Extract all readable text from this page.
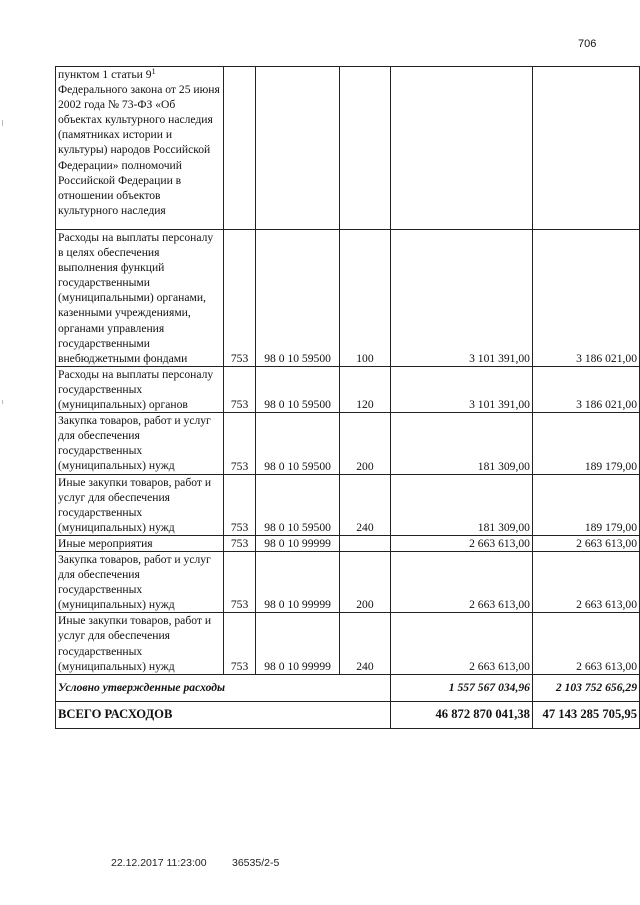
706
пунктом 1 статьи $9^1$ Федерального закона от 25 июня 2002 года № 73-ФЗ «Об объектах культурного наследия (памятниках истории и культуры) народов Российской Федерации» полномочий Российской Федерации в отношении объектов культурного наследия					
Расходы на выплаты персоналу в целях обеспечения выполнения функций государственными (муниципальными) органами, казенными учреждениями, органами управления государственными внебюджетными фондами	753	98 0 10 59500	100	3 101 391,00	3 186 021,00
Расходы на выплаты персоналу государственных (муниципальных) органов	753	98 0 10 59500	120	3 101 391,00	3 186 021,00
Закупка товаров, работ и услуг для обеспечения государственных (муниципальных) нужд	753	98 0 10 59500	200	181 309,00	189 179,00
Иные закупки товаров, работ и услуг для обеспечения государственных (муниципальных) нужд	753	98 0 10 59500	240	181 309,00	189 179,00
Иные мероприятия	753	98 0 10 99999		2 663 613,00	2 663 613,00
Закупка товаров, работ и услуг для обеспечения государственных (муниципальных) нужд	753	98 0 10 99999	200	2 663 613,00	2 663 613,00
Иные закупки товаров, работ и услуг для обеспечения государственных (муниципальных) нужд	753	98 0 10 99999	240	2 663 613,00	2 663 613,00
Условно утвержденные расходы				1 557 567 034,96	2 103 752 656,29
ВСЕГО РАСХОДОВ				46 872 870 041,38	47 143 285 705,95
22.12.2017 11:23:00 36535/2-5
